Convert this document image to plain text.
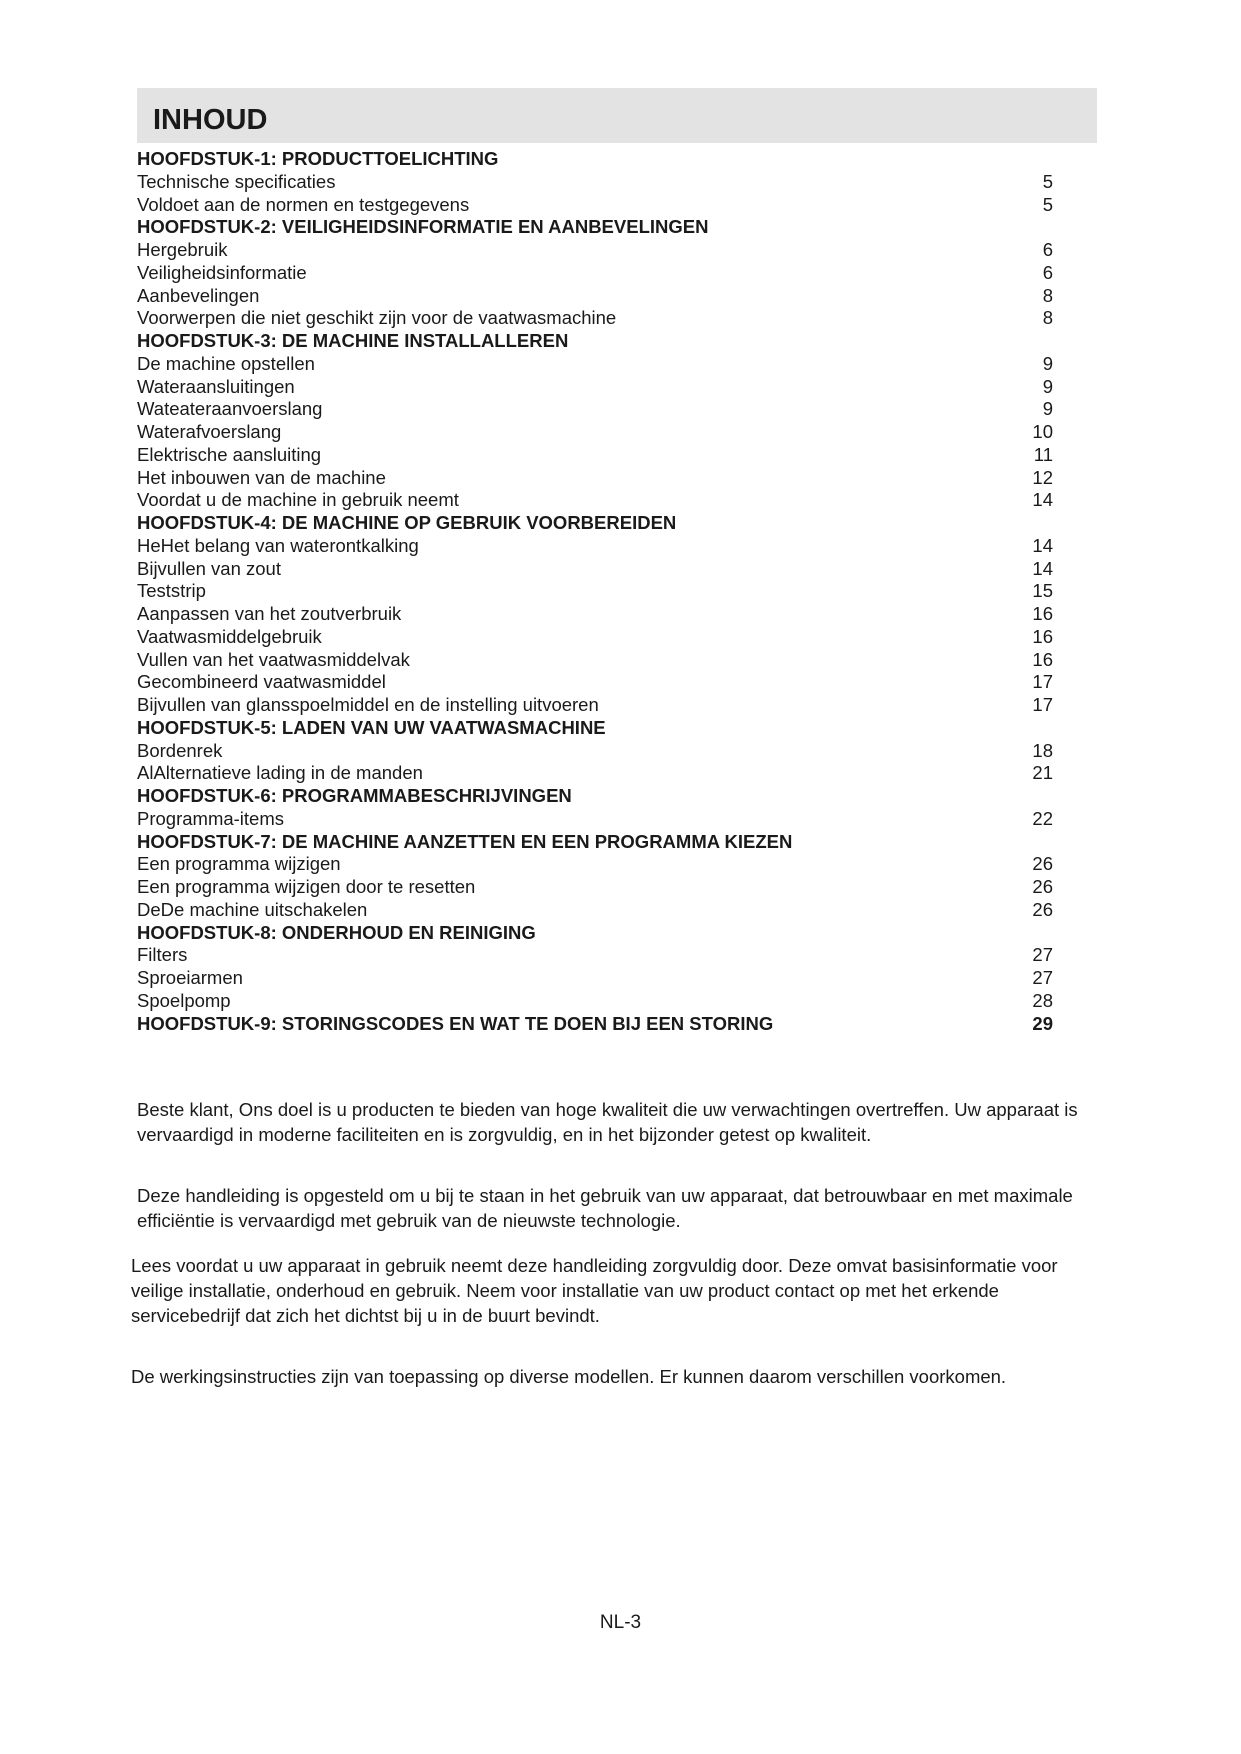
INHOUD
HOOFDSTUK-1: PRODUCTTOELICHTING
Technische specificaties	5
Voldoet aan de normen en testgegevens	5
HOOFDSTUK-2: VEILIGHEIDSINFORMATIE EN AANBEVELINGEN
Hergebruik	6
Veiligheidsinformatie	6
Aanbevelingen	8
Voorwerpen die niet geschikt zijn voor de vaatwasmachine	8
HOOFDSTUK-3: DE MACHINE INSTALLALLEREN
De machine opstellen	9
Wateraansluitingen	9
Wateateraanvoerslang	9
Waterafvoerslang	10
Elektrische aansluiting	11
Het inbouwen van de machine	12
Voordat u de machine in gebruik neemt	14
HOOFDSTUK-4: DE MACHINE OP GEBRUIK VOORBEREIDEN
HeHet belang van waterontkalking	14
Bijvullen van zout	14
Teststrip	15
Aanpassen van het zoutverbruik	16
Vaatwasmiddelgebruik	16
Vullen van het vaatwasmiddelvak	16
Gecombineerd vaatwasmiddel	17
Bijvullen van glansspoelmiddel en de instelling uitvoeren	17
HOOFDSTUK-5: LADEN VAN UW VAATWASMACHINE
Bordenrek	18
AlAlternatieve lading in de manden	21
HOOFDSTUK-6: PROGRAMMABESCHRIJVINGEN
Programma-items	22
HOOFDSTUK-7: DE MACHINE AANZETTEN EN EEN PROGRAMMA KIEZEN
Een programma wijzigen	26
Een programma wijzigen door te resetten	26
DeDe machine uitschakelen	26
HOOFDSTUK-8: ONDERHOUD EN REINIGING
Filters	27
Sproeiarmen	27
Spoelpomp	28
HOOFDSTUK-9: STORINGSCODES EN WAT TE DOEN BIJ EEN STORING	29
Beste klant, Ons doel is u producten te bieden van hoge kwaliteit die uw verwachtingen overtreffen. Uw apparaat is vervaardigd in moderne faciliteiten en is zorgvuldig, en in het bijzonder getest op kwaliteit.
Deze handleiding is opgesteld om u bij te staan in het gebruik van uw apparaat, dat betrouwbaar en met maximale efficiëntie is vervaardigd met gebruik van de nieuwste technologie.
Lees voordat u uw apparaat in gebruik neemt deze handleiding zorgvuldig door. Deze omvat basisinformatie voor veilige installatie, onderhoud en gebruik. Neem voor installatie van uw product contact op met het erkende servicebedrijf dat zich het dichtst bij u in de buurt bevindt.
De werkingsinstructies zijn van toepassing op diverse modellen. Er kunnen daarom verschillen voorkomen.
NL-3
